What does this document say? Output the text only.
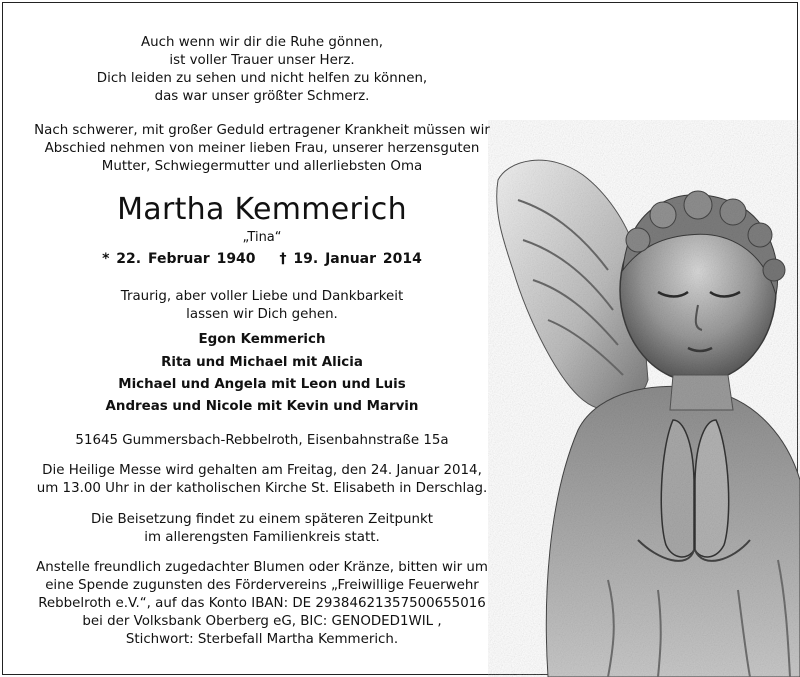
Auch wenn wir dir die Ruhe gönnen,
ist voller Trauer unser Herz.
Dich leiden zu sehen und nicht helfen zu können,
das war unser größter Schmerz.
Nach schwerer, mit großer Geduld ertragener Krankheit müssen wir
Abschied nehmen von meiner lieben Frau, unserer herzensguten
Mutter, Schwiegermutter und allerliebsten Oma
Martha Kemmerich
„Tina“
* 22. Februar 1940 † 19. Januar 2014
Traurig, aber voller Liebe und Dankbarkeit
lassen wir Dich gehen.
Egon Kemmerich
Rita und Michael mit Alicia
Michael und Angela mit Leon und Luis
Andreas und Nicole mit Kevin und Marvin
51645 Gummersbach-Rebbelroth, Eisenbahnstraße 15a
Die Heilige Messe wird gehalten am Freitag, den 24. Januar 2014,
um 13.00 Uhr in der katholischen Kirche St. Elisabeth in Derschlag.
Die Beisetzung findet zu einem späteren Zeitpunkt
im allerengsten Familienkreis statt.
Anstelle freundlich zugedachter Blumen oder Kränze, bitten wir um
eine Spende zugunsten des Fördervereins „Freiwillige Feuerwehr
Rebbelroth e.V.“, auf das Konto IBAN: DE 2938462135750065501​6
bei der Volksbank Oberberg eG, BIC: GENODED1WIL ,
Stichwort: Sterbefall Martha Kemmerich.
